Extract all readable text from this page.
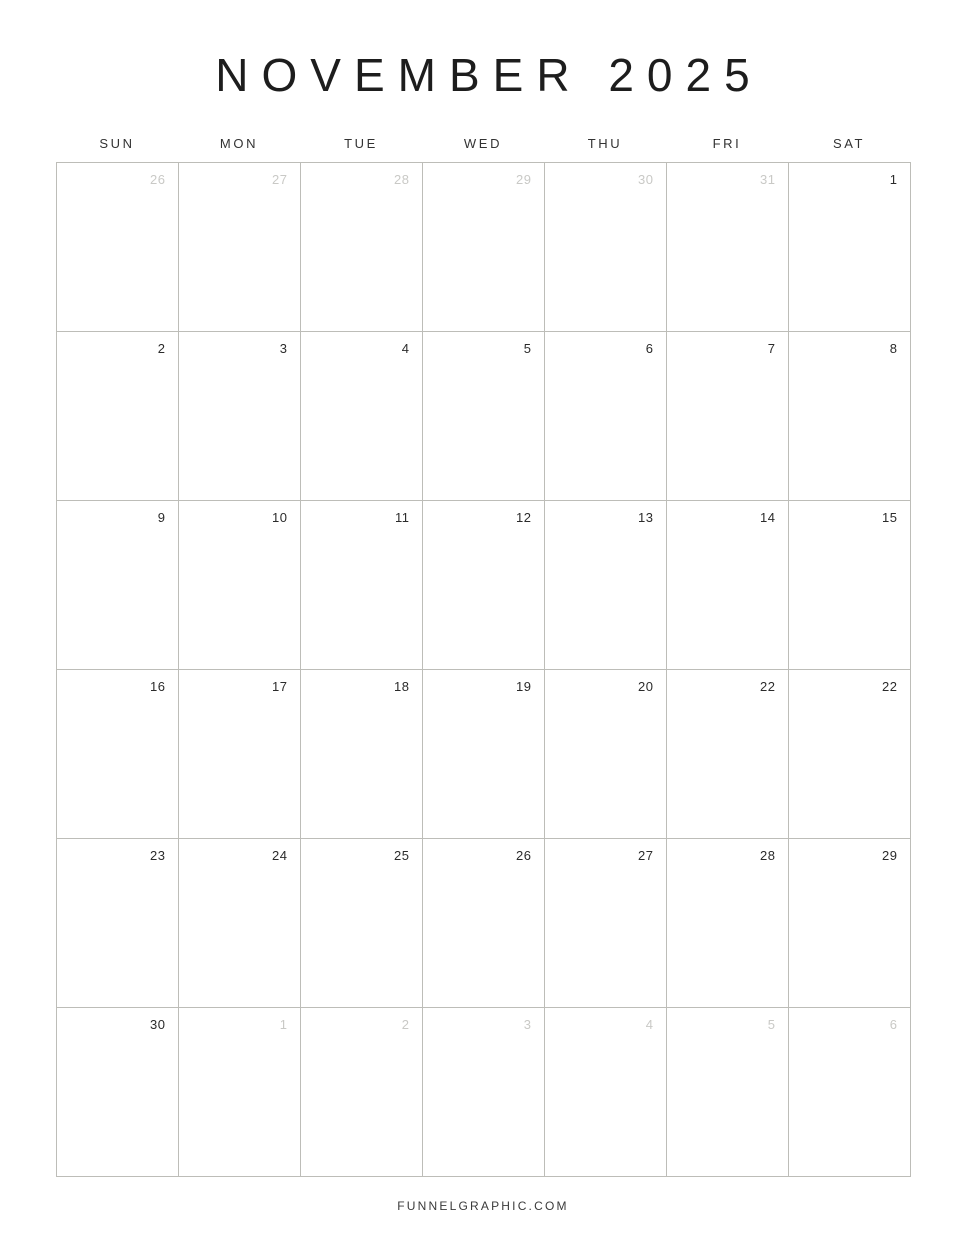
NOVEMBER 2025
SUN	MON	TUE	WED	THU	FRI	SAT
26	27	28	29	30	31	1
2	3	4	5	6	7	8
9	10	11	12	13	14	15
16	17	18	19	20	22	22
23	24	25	26	27	28	29
30	1	2	3	4	5	6
FUNNELGRAPHIC.COM
